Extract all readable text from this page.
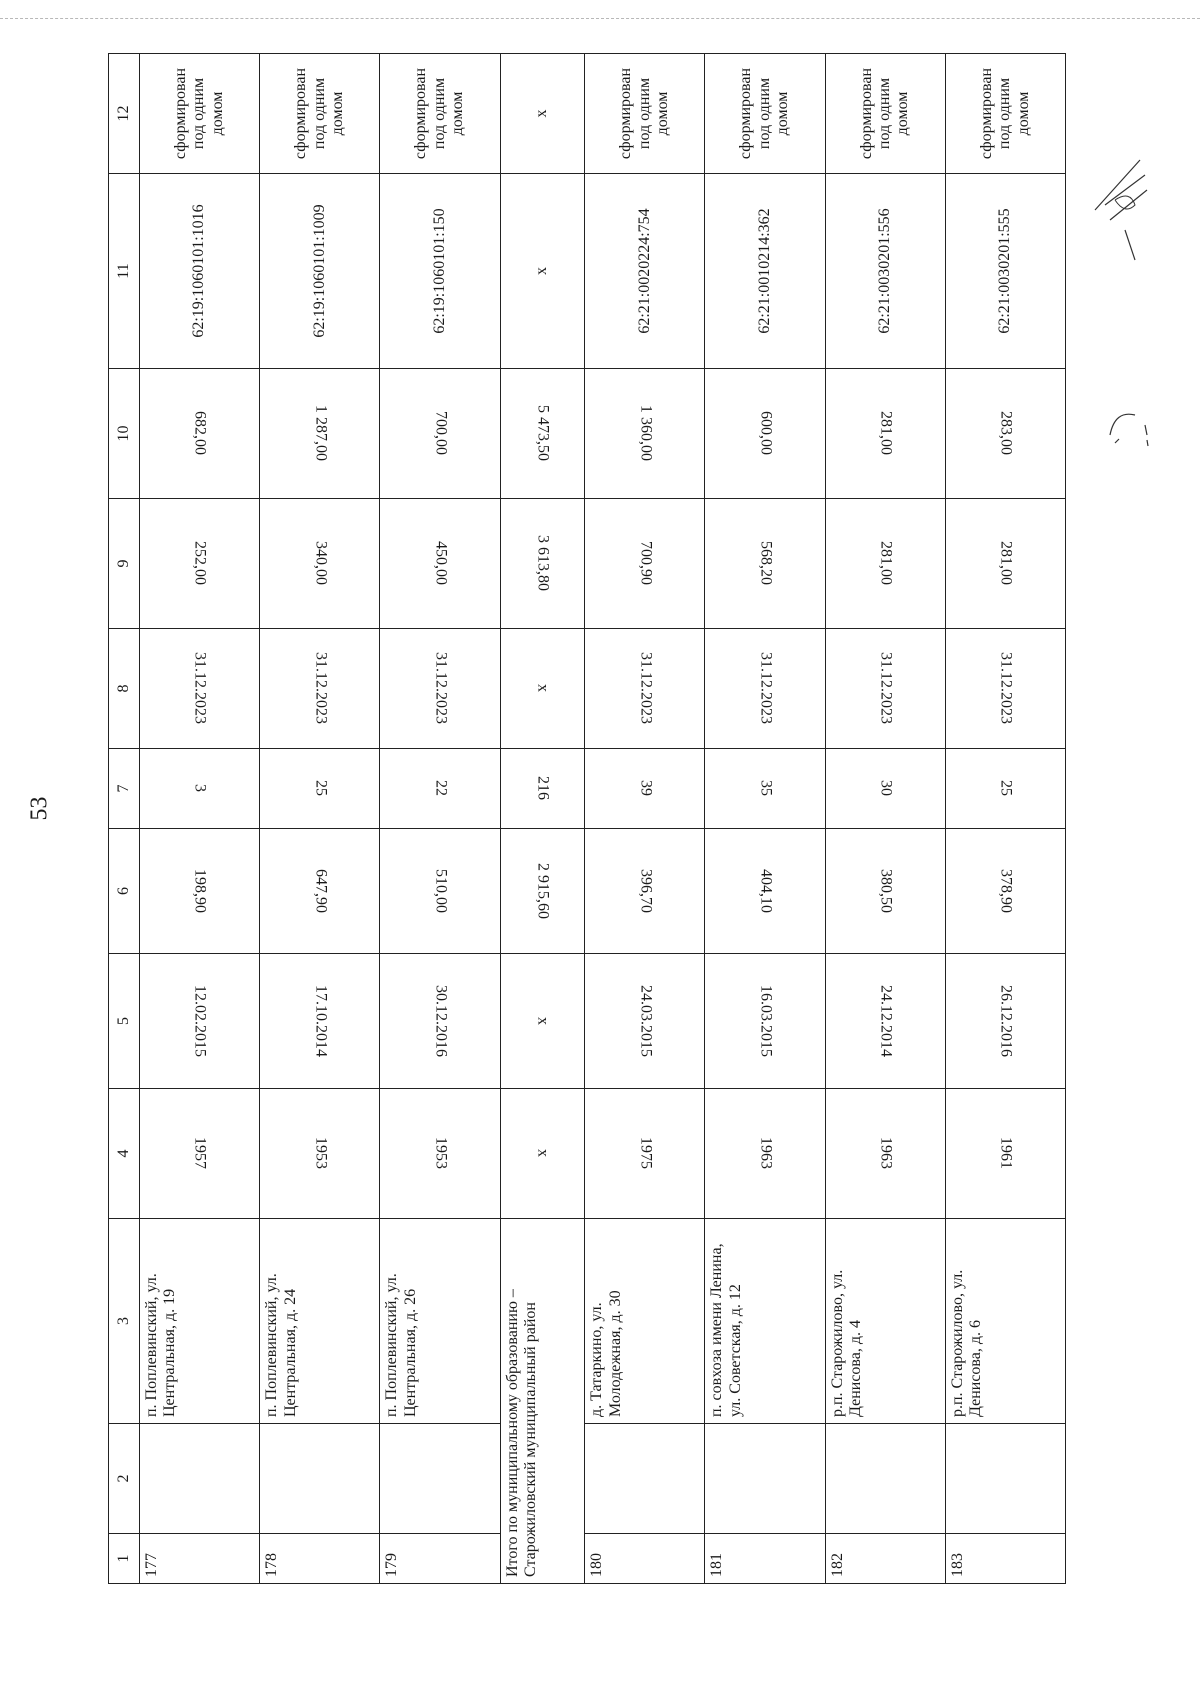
53
1	2	3	4	5	6	7	8	9	10	11	12
177		п. Поплевинский, ул. Центральная, д. 19	1957	12.02.2015	198,90	3	31.12.2023	252,00	682,00	62:19:1060101:1016	сформирован под одним домом
178		п. Поплевинский, ул. Центральная, д. 24	1953	17.10.2014	647,90	25	31.12.2023	340,00	1 287,00	62:19:1060101:1009	сформирован под одним домом
179		п. Поплевинский, ул. Центральная, д. 26	1953	30.12.2016	510,00	22	31.12.2023	450,00	700,00	62:19:1060101:150	сформирован под одним домом
Итого по муниципальному образованию – Старожиловский муниципальный район			х	х	2 915,60	216	х	3 613,80	5 473,50	х	х
180		д. Татаркино, ул. Молодежная, д. 30	1975	24.03.2015	396,70	39	31.12.2023	700,90	1 360,00	62:21:0020224:754	сформирован под одним домом
181		п. совхоза имени Ленина, ул. Советская, д. 12	1963	16.03.2015	404,10	35	31.12.2023	568,20	600,00	62:21:0010214:362	сформирован под одним домом
182		р.п. Старожилово, ул. Денисова, д. 4	1963	24.12.2014	380,50	30	31.12.2023	281,00	281,00	62:21:0030201:556	сформирован под одним домом
183		р.п. Старожилово, ул. Денисова, д. 6	1961	26.12.2016	378,90	25	31.12.2023	281,00	283,00	62:21:0030201:555	сформирован под одним домом
